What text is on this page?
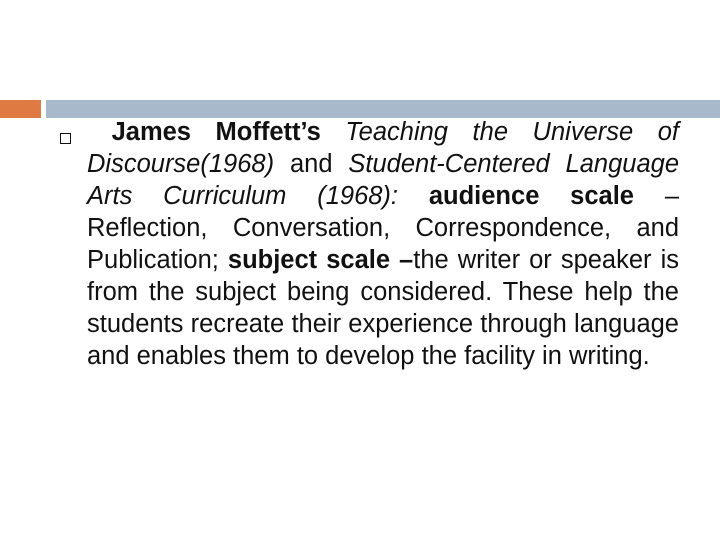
James Moffett’s Teaching the Universe of Discourse(1968) and Student-Centered Language Arts Curriculum (1968): audience scale –Reflection, Conversation, Correspondence, and Publication; subject scale –the writer or speaker is from the subject being considered. These help the students recreate their experience through language and enables them to develop the facility in writing.
